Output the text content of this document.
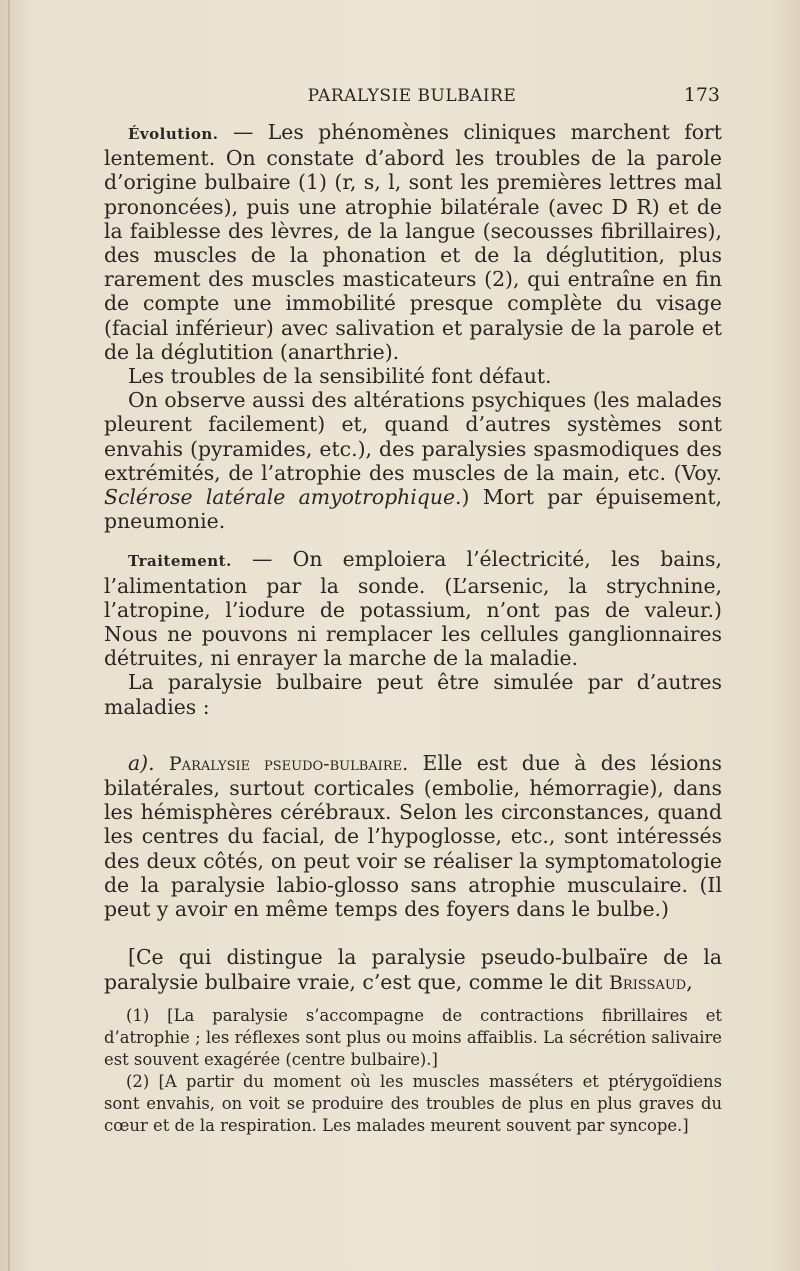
PARALYSIE BULBAIRE	173

Évolution. — Les phénomènes cliniques marchent fort lentement. On constate d’abord les troubles de la parole d’origine bulbaire (1) (r, s, l, sont les premières lettres mal prononcées), puis une atrophie bilatérale (avec D R) et de la faiblesse des lèvres, de la langue (secousses fibrillaires), des muscles de la phonation et de la déglutition, plus rarement des muscles masticateurs (2), qui entraîne en fin de compte une immobilité presque complète du visage (facial inférieur) avec salivation et paralysie de la parole et de la déglutition (anarthrie).

Les troubles de la sensibilité font défaut.

On observe aussi des altérations psychiques (les malades pleurent facilement) et, quand d’autres systèmes sont envahis (pyramides, etc.), des paralysies spasmodiques des extrémités, de l’atrophie des muscles de la main, etc. (Voy. Sclérose latérale amyotrophique.) Mort par épuisement, pneumonie.

Traitement. — On emploiera l’électricité, les bains, l’alimentation par la sonde. (L’arsenic, la strychnine, l’atropine, l’iodure de potassium, n’ont pas de valeur.) Nous ne pouvons ni remplacer les cellules ganglionnaires détruites, ni enrayer la marche de la maladie.

La paralysie bulbaire peut être simulée par d’autres maladies :

a). Paralysie pseudo-bulbaire. Elle est due à des lésions bilatérales, surtout corticales (embolie, hémorragie), dans les hémisphères cérébraux. Selon les circonstances, quand les centres du facial, de l’hypoglosse, etc., sont intéressés des deux côtés, on peut voir se réaliser la symptomatologie de la paralysie labio-glosso sans atrophie musculaire. (Il peut y avoir en même temps des foyers dans le bulbe.)

[Ce qui distingue la paralysie pseudo-bulbaïre de la paralysie bulbaire vraie, c’est que, comme le dit Brissaud,

(1) [La paralysie s’accompagne de contractions fibrillaires et d’atrophie ; les réflexes sont plus ou moins affaiblis. La sécrétion salivaire est souvent exagérée (centre bulbaire).]

(2) [A partir du moment où les muscles masséters et ptérygoïdiens sont envahis, on voit se produire des troubles de plus en plus graves du cœur et de la respiration. Les malades meurent souvent par syncope.]
